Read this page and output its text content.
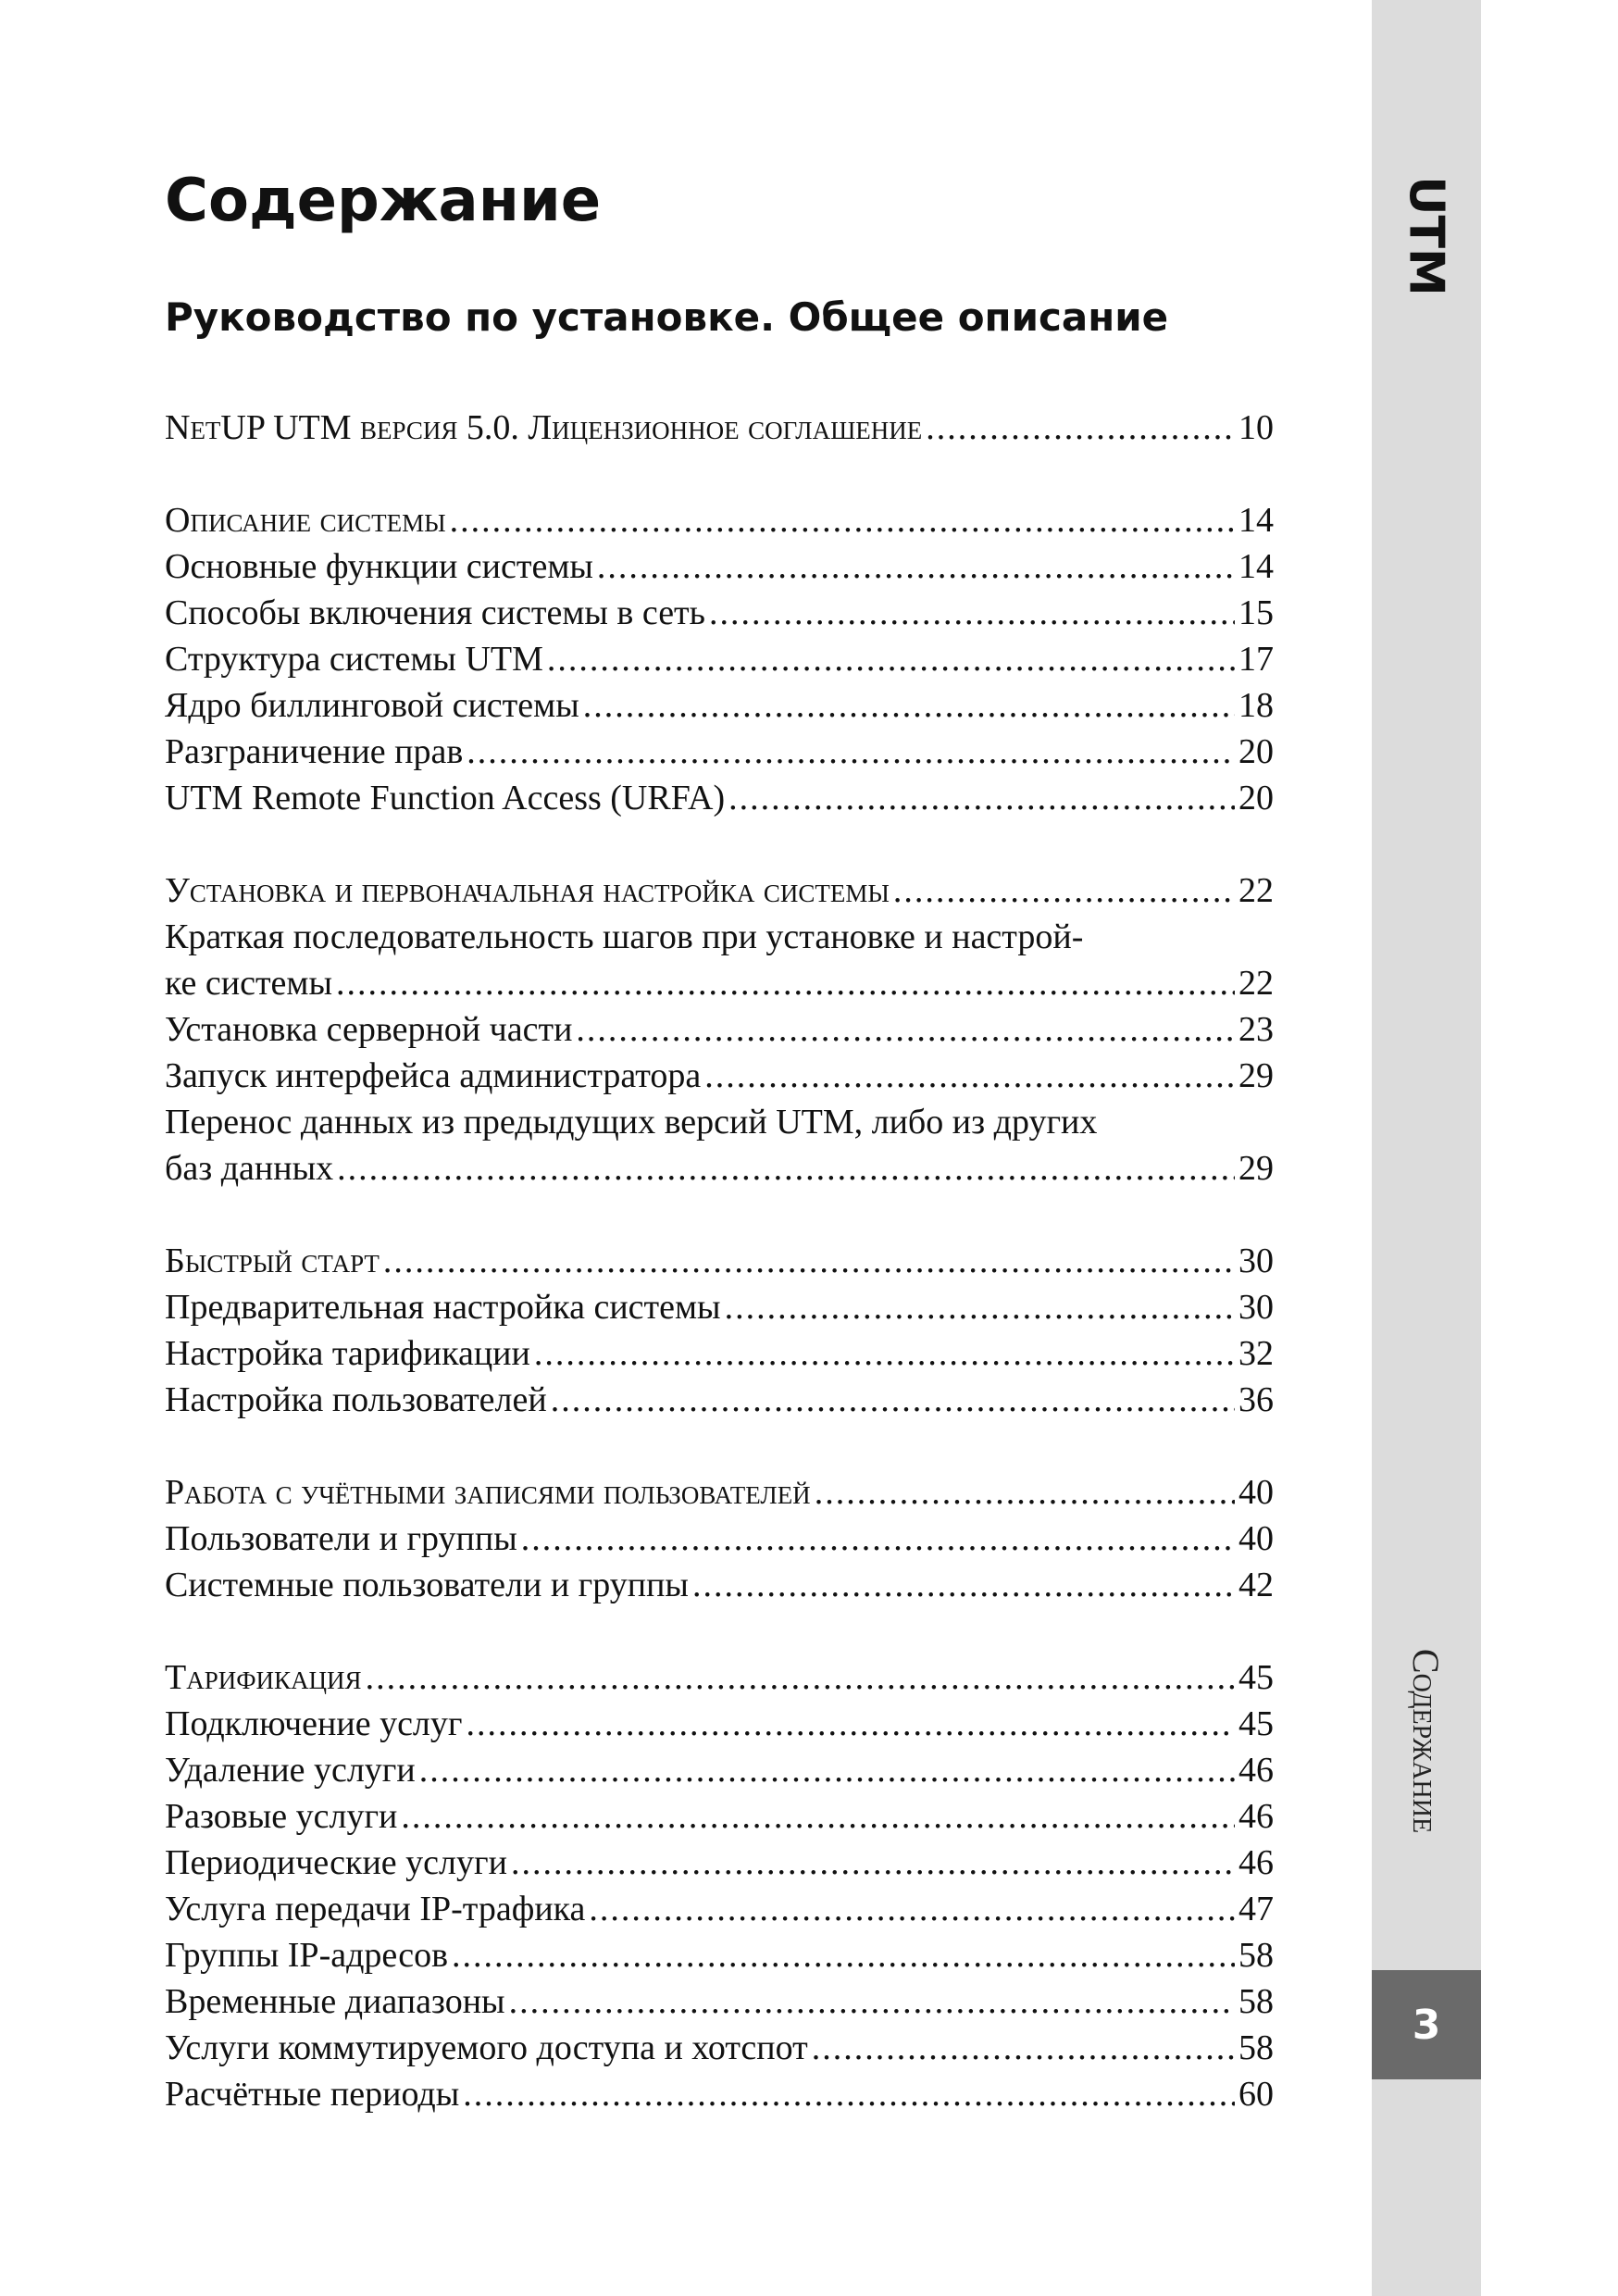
Содержание
Руководство по установке. Общее описание
NetUP UTM версия 5.0. Лицензионное соглашение .....	10
Описание системы .....	14
Основные функции системы .....	14
Способы включения системы в сеть .....	15
Структура системы UTM .....	17
Ядро биллинговой системы .....	18
Разграничение прав .....	20
UTM Remote Function Access (URFA) .....	20
Установка и первоначальная настройка системы .....	22
Краткая последовательность шагов при установке и настрой-
ке системы .....	22
Установка серверной части .....	23
Запуск интерфейса администратора .....	29
Перенос данных из предыдущих версий UTM, либо из других
баз данных .....	29
Быстрый старт .....	30
Предварительная настройка системы .....	30
Настройка тарификации .....	32
Настройка пользователей .....	36
Работа с учётными записями пользователей .....	40
Пользователи и группы .....	40
Системные пользователи и группы .....	42
Тарификация .....	45
Подключение услуг .....	45
Удаление услуги .....	46
Разовые услуги .....	46
Периодические услуги .....	46
Услуга передачи IP-трафика .....	47
Группы IP-адресов .....	58
Временные диапазоны .....	58
Услуги коммутируемого доступа и хотспот .....	58
Расчётные периоды .....	60
UTM
Содержание
3
